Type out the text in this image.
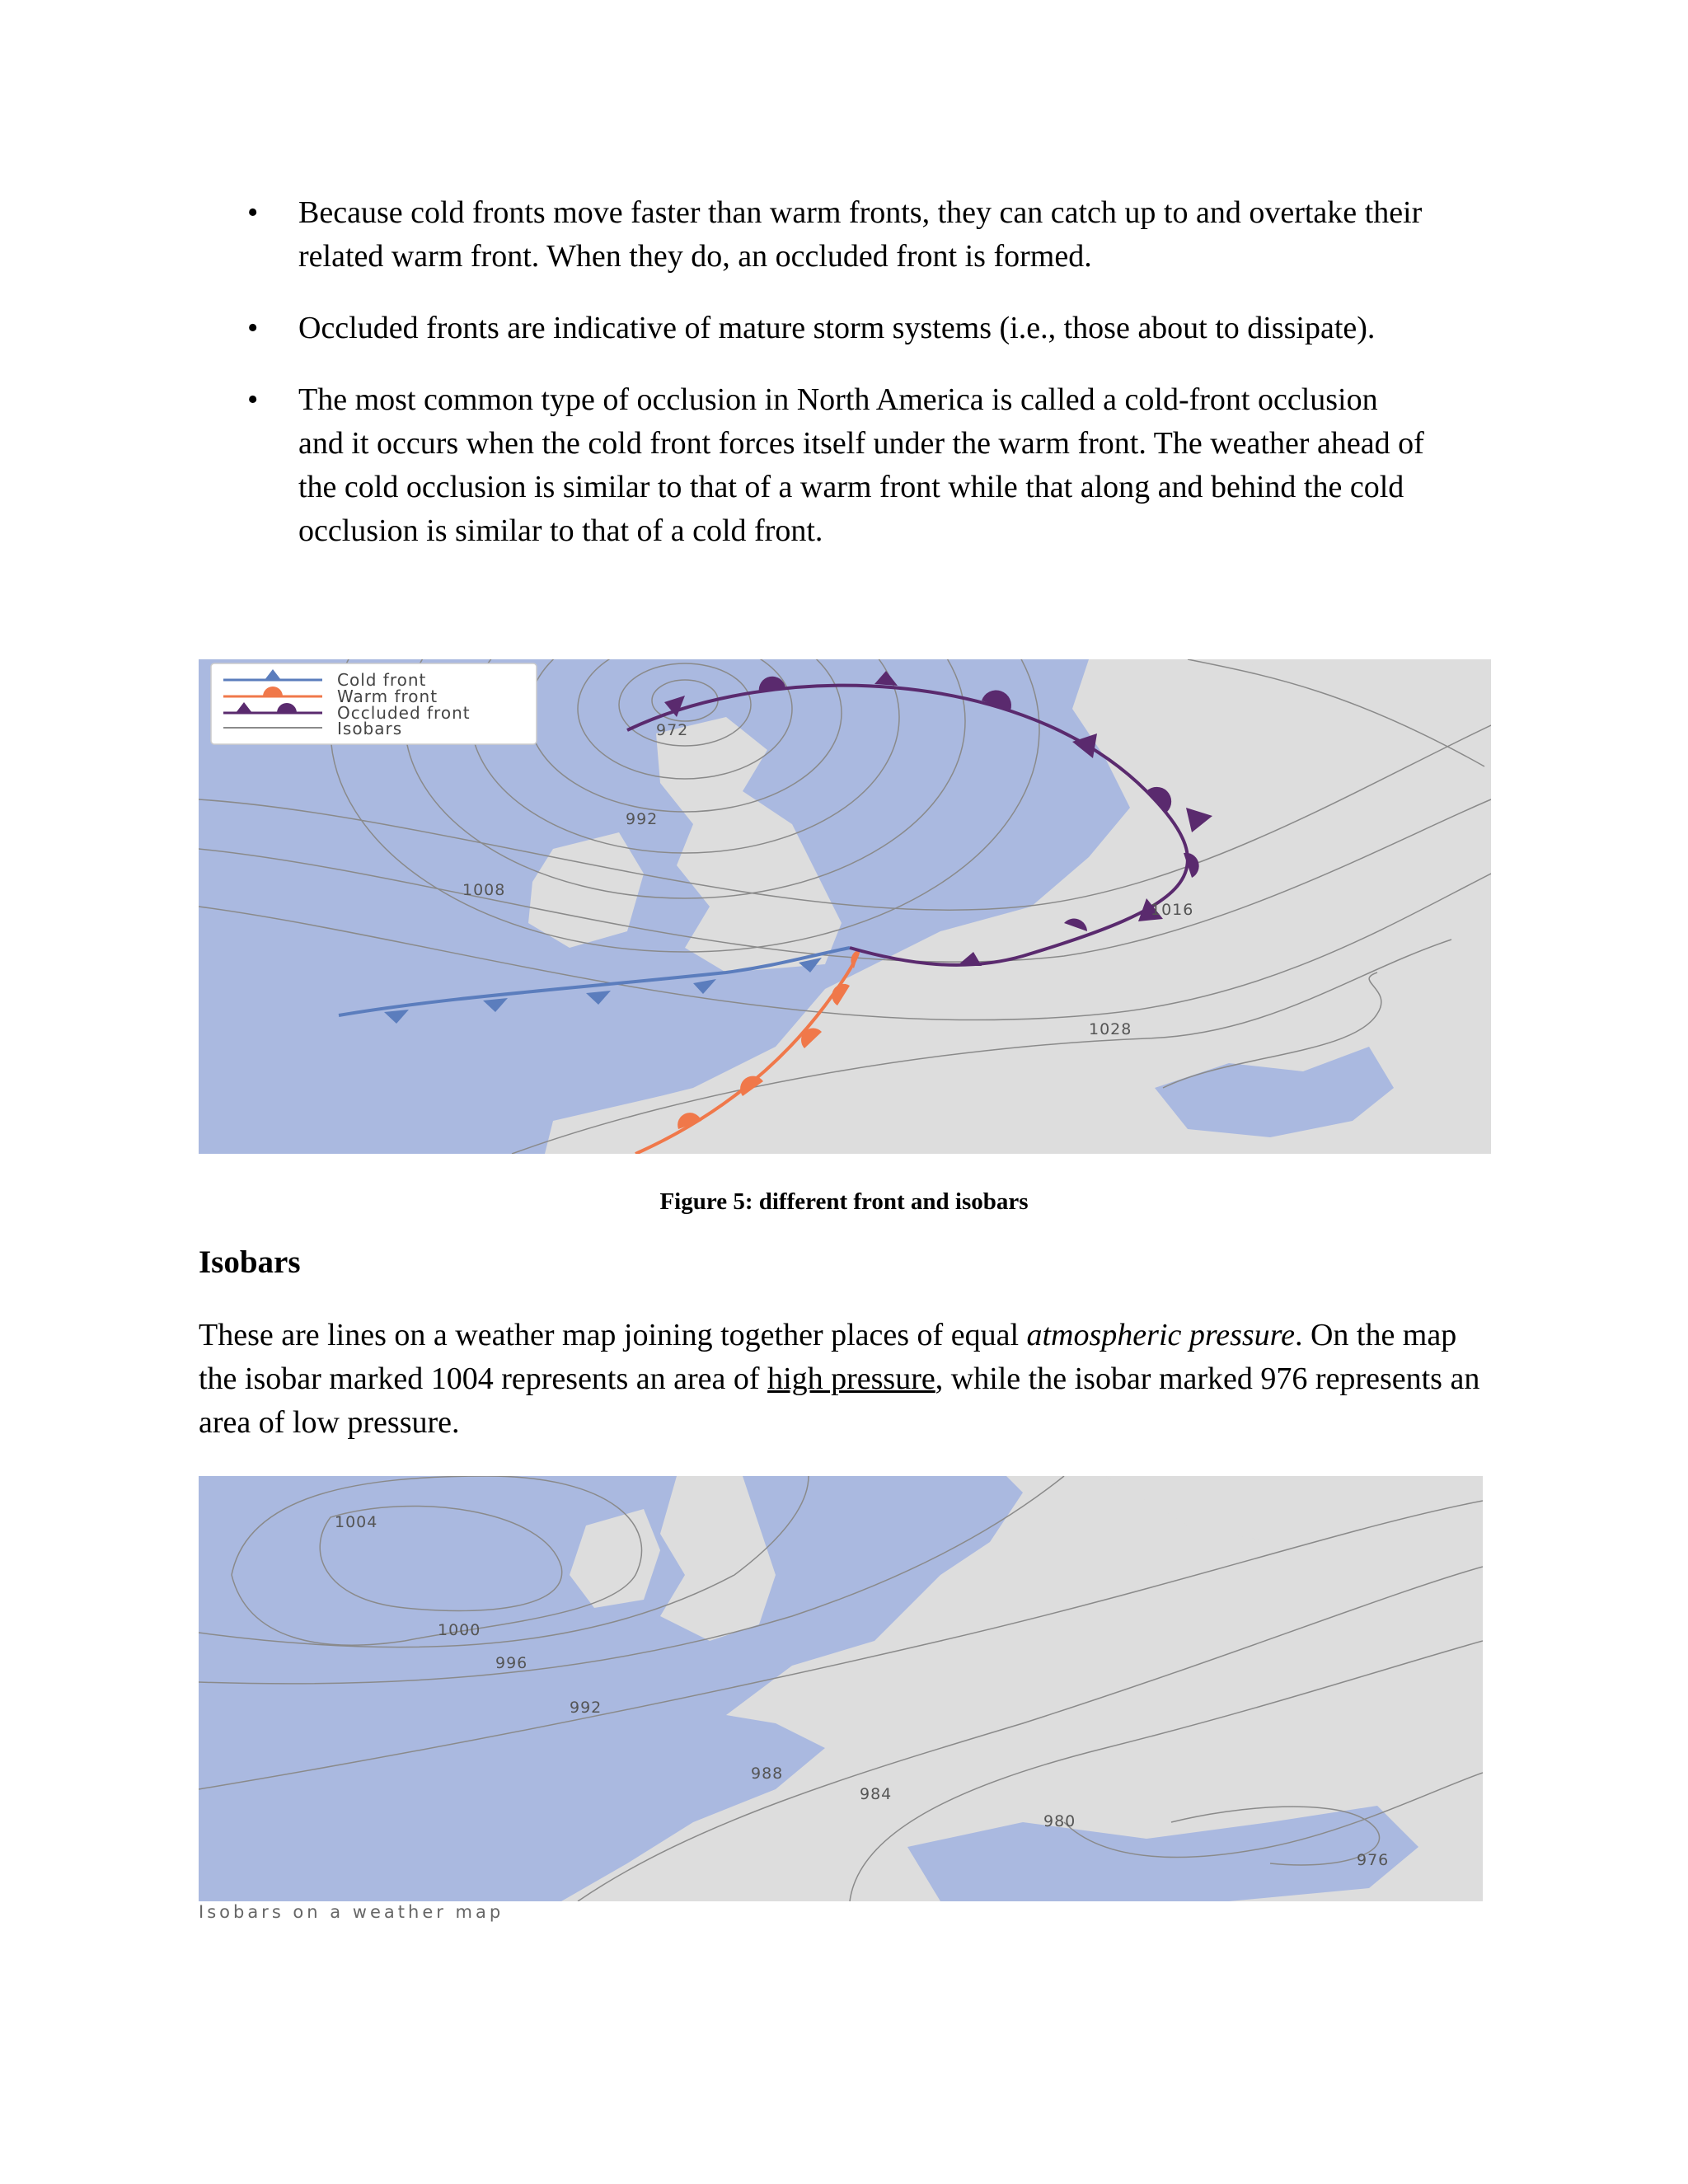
• Because cold fronts move faster than warm fronts, they can catch up to and overtake their
related warm front. When they do, an occluded front is formed.
• Occluded fronts are indicative of mature storm systems (i.e., those about to dissipate).
• The most common type of occlusion in North America is called a cold-front occlusion
and it occurs when the cold front forces itself under the warm front. The weather ahead of
the cold occlusion is similar to that of a warm front while that along and behind the cold
occlusion is similar to that of a cold front.
972
992
1008
1016
1028
Cold front
Warm front
Occluded front
Isobars
Figure 5: different front and isobars
Isobars

These are lines on a weather map joining together places of equal atmospheric pressure. On the map the isobar marked 1004 represents an area of high pressure, while the isobar marked 976 represents an area of low pressure.

1004
1000
996
992
988
984
980
976
Isobars on a weather map
